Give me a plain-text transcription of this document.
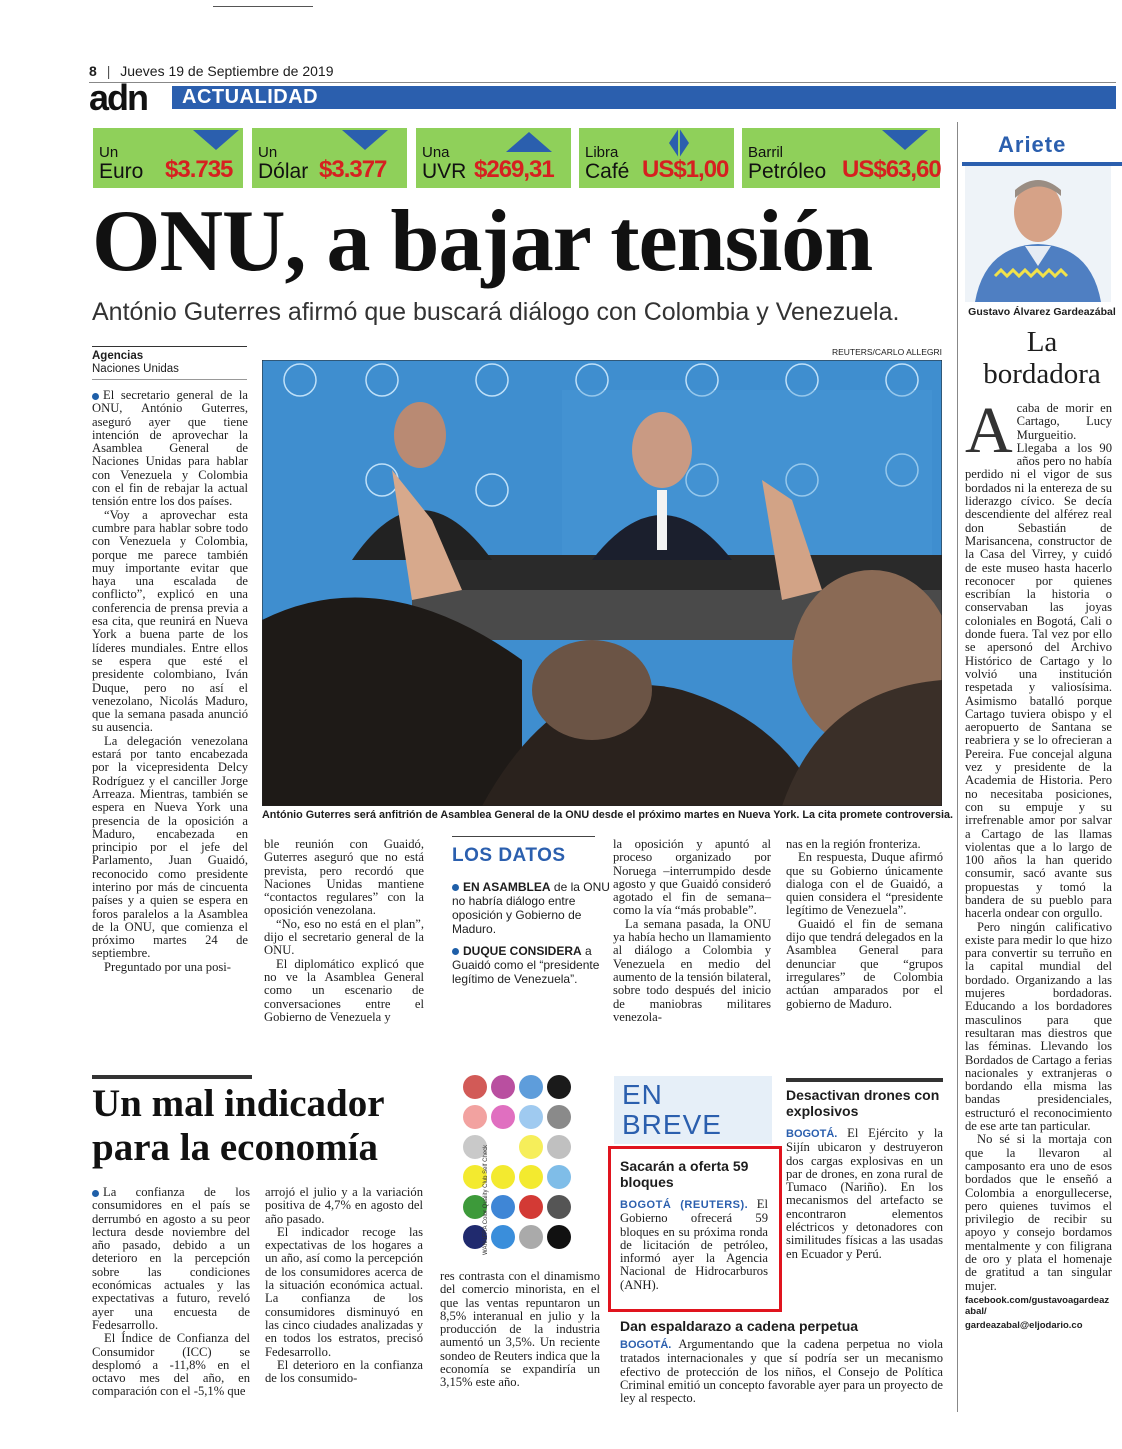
8 | Jueves 19 de Septiembre de 2019
adn ACTUALIDAD
Un
Euro $3.735
Un
Dólar $3.377
Una
UVR $269,31
Libra
Café US$1,00
Barril
Petróleo US$63,60
ONU, a bajar tensión
António Guterres afirmó que buscará diálogo con Colombia y Venezuela.
Agencias
Naciones Unidas
REUTERS/CARLO ALLEGRI
António Guterres será anfitrión de Asamblea General de la ONU desde el próximo martes en Nueva York. La cita promete controversia.

El secretario general de la ONU, António Guterres, aseguró ayer que tiene intención de aprovechar la Asamblea General de Naciones Unidas para hablar con Venezuela y Colombia con el fin de rebajar la actual tensión entre los dos países.

“Voy a aprovechar esta cumbre para hablar sobre todo con Venezuela y Colombia, porque me parece también muy importante evitar que haya una escalada de conflicto”, explicó en una conferencia de prensa previa a esa cita, que reunirá en Nueva York a buena parte de los líderes mundiales. Entre ellos se espera que esté el presidente colombiano, Iván Duque, pero no así el venezolano, Nicolás Maduro, que la semana pasada anunció su ausencia.

La delegación venezolana estará por tanto encabezada por la vicepresidenta Delcy Rodríguez y el canciller Jorge Arreaza. Mientras, también se espera en Nueva York una presencia de la oposición a Maduro, encabezada en principio por el jefe del Parlamento, Juan Guaidó, reconocido como presidente interino por más de cincuenta países y a quien se espera en foros paralelos a la Asamblea de la ONU, que comienza el próximo martes 24 de septiembre.

Preguntado por una posi-

ble reunión con Guaidó, Guterres aseguró que no está prevista, pero recordó que Naciones Unidas mantiene “contactos regulares” con la oposición venezolana.

“No, eso no está en el plan”, dijo el secretario general de la ONU.

El diplomático explicó que no ve la Asamblea General como un escenario de conversaciones entre el Gobierno de Venezuela y

LOS DATOS

EN ASAMBLEA de la ONU no habría diálogo entre oposición y Gobierno de Maduro.

DUQUE CONSIDERA a Guaidó como el “presidente legítimo de Venezuela”.

la oposición y apuntó al proceso organizado por Noruega –interrumpido desde agosto y que Guaidó consideró agotado el fin de semana– como la vía “más probable”.

La semana pasada, la ONU ya había hecho un llamamiento al diálogo a Colombia y Venezuela en medio del aumento de la tensión bilateral, sobre todo después del inicio de maniobras militares venezola-

nas en la región fronteriza.

En respuesta, Duque afirmó que su Gobierno únicamente dialoga con el de Guaidó, a quien considera el “presidente legítimo de Venezuela”.

Guaidó el fin de semana dijo que tendrá delegados en la Asamblea General para denunciar que “grupos irregulares” de Colombia actúan amparados por el gobierno de Maduro.

Un mal indicador
para la economía

La confianza de los consumidores en el país se derrumbó en agosto a su peor lectura desde noviembre del año pasado, debido a un deterioro en la percepción sobre las condiciones económicas actuales y las expectativas a futuro, reveló ayer una encuesta de Fedesarrollo.

El Índice de Confianza del Consumidor (ICC) se desplomó a -11,8% en el octavo mes del año, en comparación con el -5,1% que

arrojó el julio y a la variación positiva de 4,7% en agosto del año pasado.

El indicador recoge las expectativas de los hogares a un año, así como la percepción de los consumidores acerca de la situación económica actual. La confianza de los consumidores disminuyó en las cinco ciudades analizadas y en todos los estratos, precisó Fedesarrollo.

El deterioro en la confianza de los consumido-

res contrasta con el dinamismo del comercio minorista, en el que las ventas repuntaron un 8,5% interanual en julio y la producción de la industria aumentó un 3,5%. Un reciente sondeo de Reuters indica que la economía se expandiría un 3,15% este año.

WAN-IFRA Color Quality Club Self Check
EN
BREVE
Sacarán a oferta 59 bloques
BOGOTÁ (REUTERS). El Gobierno ofrecerá 59 bloques en su próxima ronda de licitación de petróleo, informó ayer la Agencia Nacional de Hidrocarburos (ANH).
Desactivan drones con explosivos
BOGOTÁ. El Ejército y la Sijín ubicaron y destruyeron dos cargas explosivas en un par de drones, en zona rural de Tumaco (Nariño). En los mecanismos del artefacto se encontraron elementos eléctricos y detonadores con similitudes físicas a las usadas en Ecuador y Perú.
Dan espaldarazo a cadena perpetua
BOGOTÁ. Argumentando que la cadena perpetua no viola tratados internacionales y que sí podría ser un mecanismo efectivo de protección de los niños, el Consejo de Política Criminal emitió un concepto favorable ayer para un proyecto de ley al respecto.
Ariete
Gustavo Álvarez Gardeazábal
La
bordadora

Acaba de morir en Cartago, Lucy Murgueitio. Llegaba a los 90 años pero no había perdido ni el vigor de sus bordados ni la entereza de su liderazgo cívico. Se decía descendiente del alférez real don Sebastián de Marisancena, constructor de la Casa del Virrey, y cuidó de este museo hasta hacerlo reconocer por quienes escribían la historia o conservaban las joyas coloniales en Bogotá, Cali o donde fuera. Tal vez por ello se apersonó del Archivo Histórico de Cartago y lo volvió una institución respetada y valiosísima. Asimismo batalló porque Cartago tuviera obispo y el aeropuerto de Santana se reabriera y se lo ofrecieran a Pereira. Fue concejal alguna vez y presidente de la Academia de Historia. Pero no necesitaba posiciones, con su empuje y su irrefrenable amor por salvar a Cartago de las llamas violentas que a lo largo de 100 años la han querido consumir, sacó avante sus propuestas y tomó la bandera de su pueblo para hacerla ondear con orgullo.

Pero ningún calificativo existe para medir lo que hizo para convertir su terruño en la capital mundial del bordado. Organizando a las mujeres bordadoras. Educando a los bordadores masculinos para que resultaran mas diestros que las féminas. Llevando los Bordados de Cartago a ferias nacionales y extranjeras o bordando ella misma las bandas presidenciales, estructuró el reconocimiento de ese arte tan particular.

No sé si la mortaja con que la llevaron al camposanto era uno de esos bordados que le enseñó a Colombia a enorgullecerse, pero quienes tuvimos el privilegio de recibir su apoyo y consejo bordamos mentalmente y con filigrana de oro y plata el homenaje de gratitud a tan singular mujer.

facebook.com/gustavoagardeazabal/
gardeazabal@eljodario.co
